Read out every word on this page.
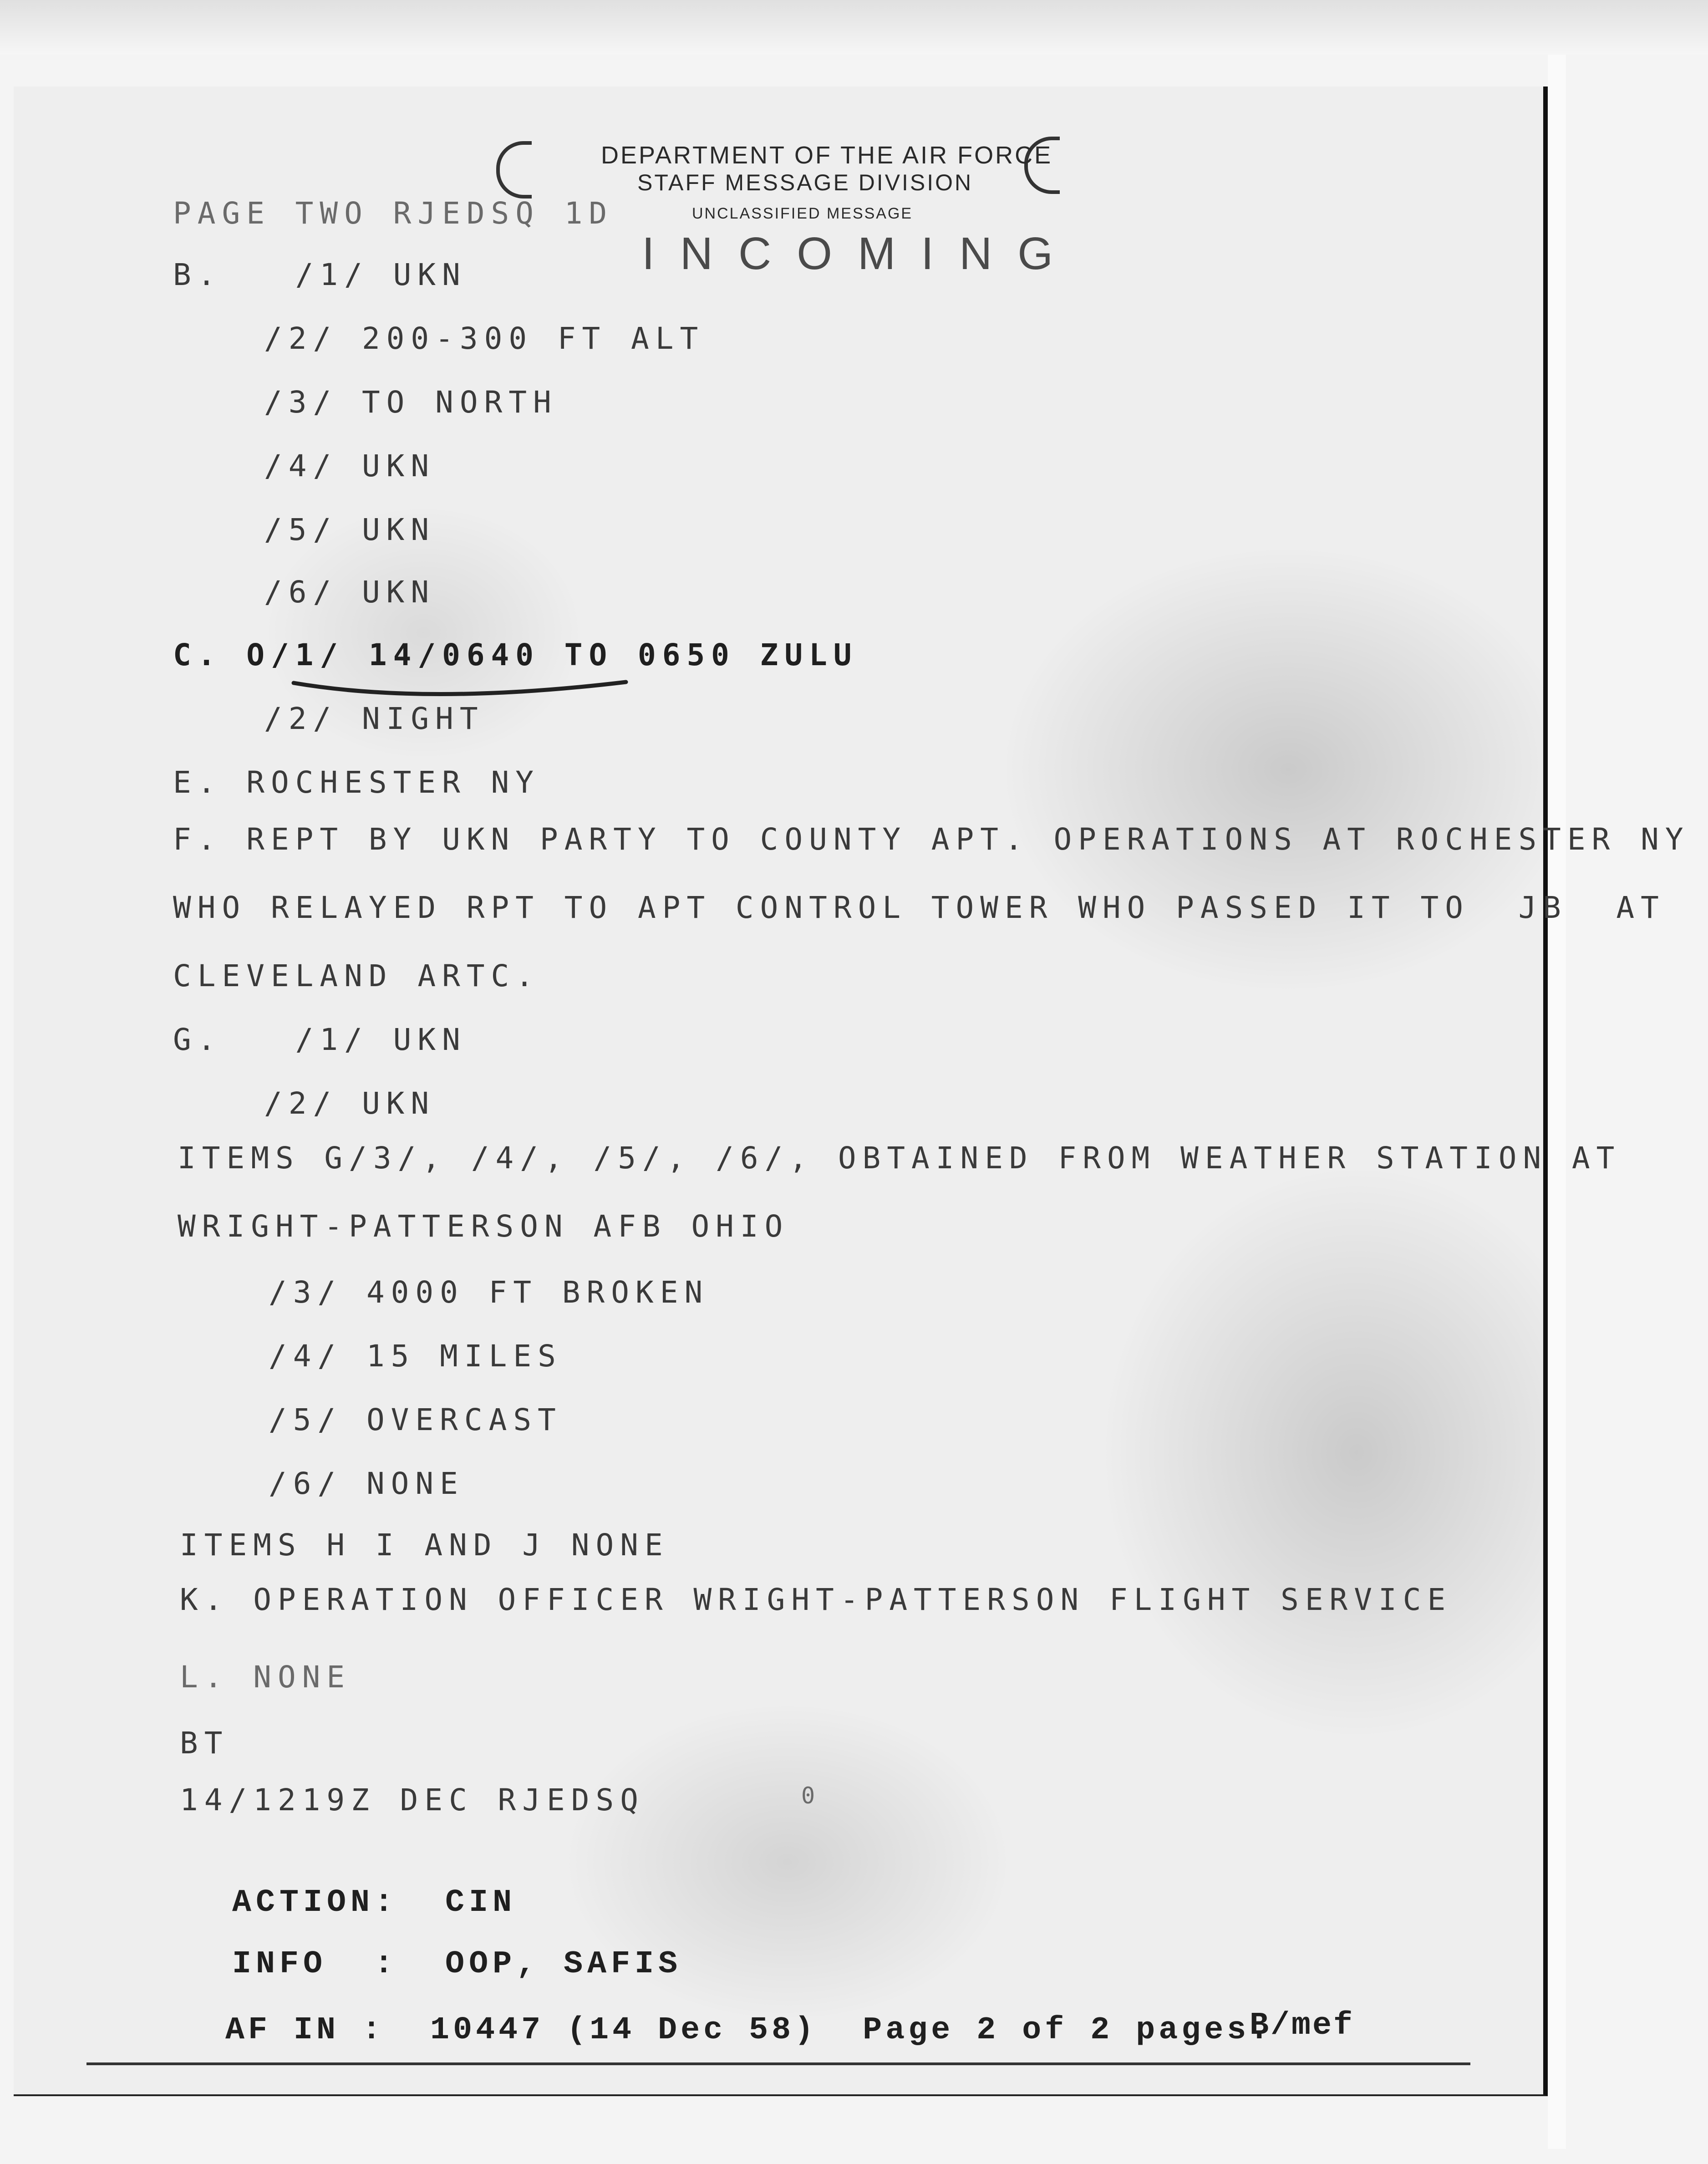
DEPARTMENT OF THE AIR FORCE
STAFF MESSAGE DIVISION
UNCLASSIFIED MESSAGE
INCOMING
PAGE TWO RJEDSQ 1D
B.   /1/ UKN
/2/ 200-300 FT ALT
/3/ TO NORTH
/4/ UKN
/5/ UKN
/6/ UKN
C. O/1/ 14/0640 TO 0650 ZULU
/2/ NIGHT
E. ROCHESTER NY
F. REPT BY UKN PARTY TO COUNTY APT. OPERATIONS AT ROCHESTER NY
WHO RELAYED RPT TO APT CONTROL TOWER WHO PASSED IT TO  JB  AT
CLEVELAND ARTC.
G.   /1/ UKN
/2/ UKN
ITEMS G/3/, /4/, /5/, /6/, OBTAINED FROM WEATHER STATION AT
WRIGHT-PATTERSON AFB OHIO
/3/ 4000 FT BROKEN
/4/ 15 MILES
/5/ OVERCAST
/6/ NONE
ITEMS H I AND J NONE
K. OPERATION OFFICER WRIGHT-PATTERSON FLIGHT SERVICE
L. NONE
BT
14/1219Z DEC RJEDSQ	0
ACTION:  CIN
INFO  :  OOP, SAFIS
AF IN :  10447 (14 Dec 58)  Page 2 of 2 pages.
B/mef
